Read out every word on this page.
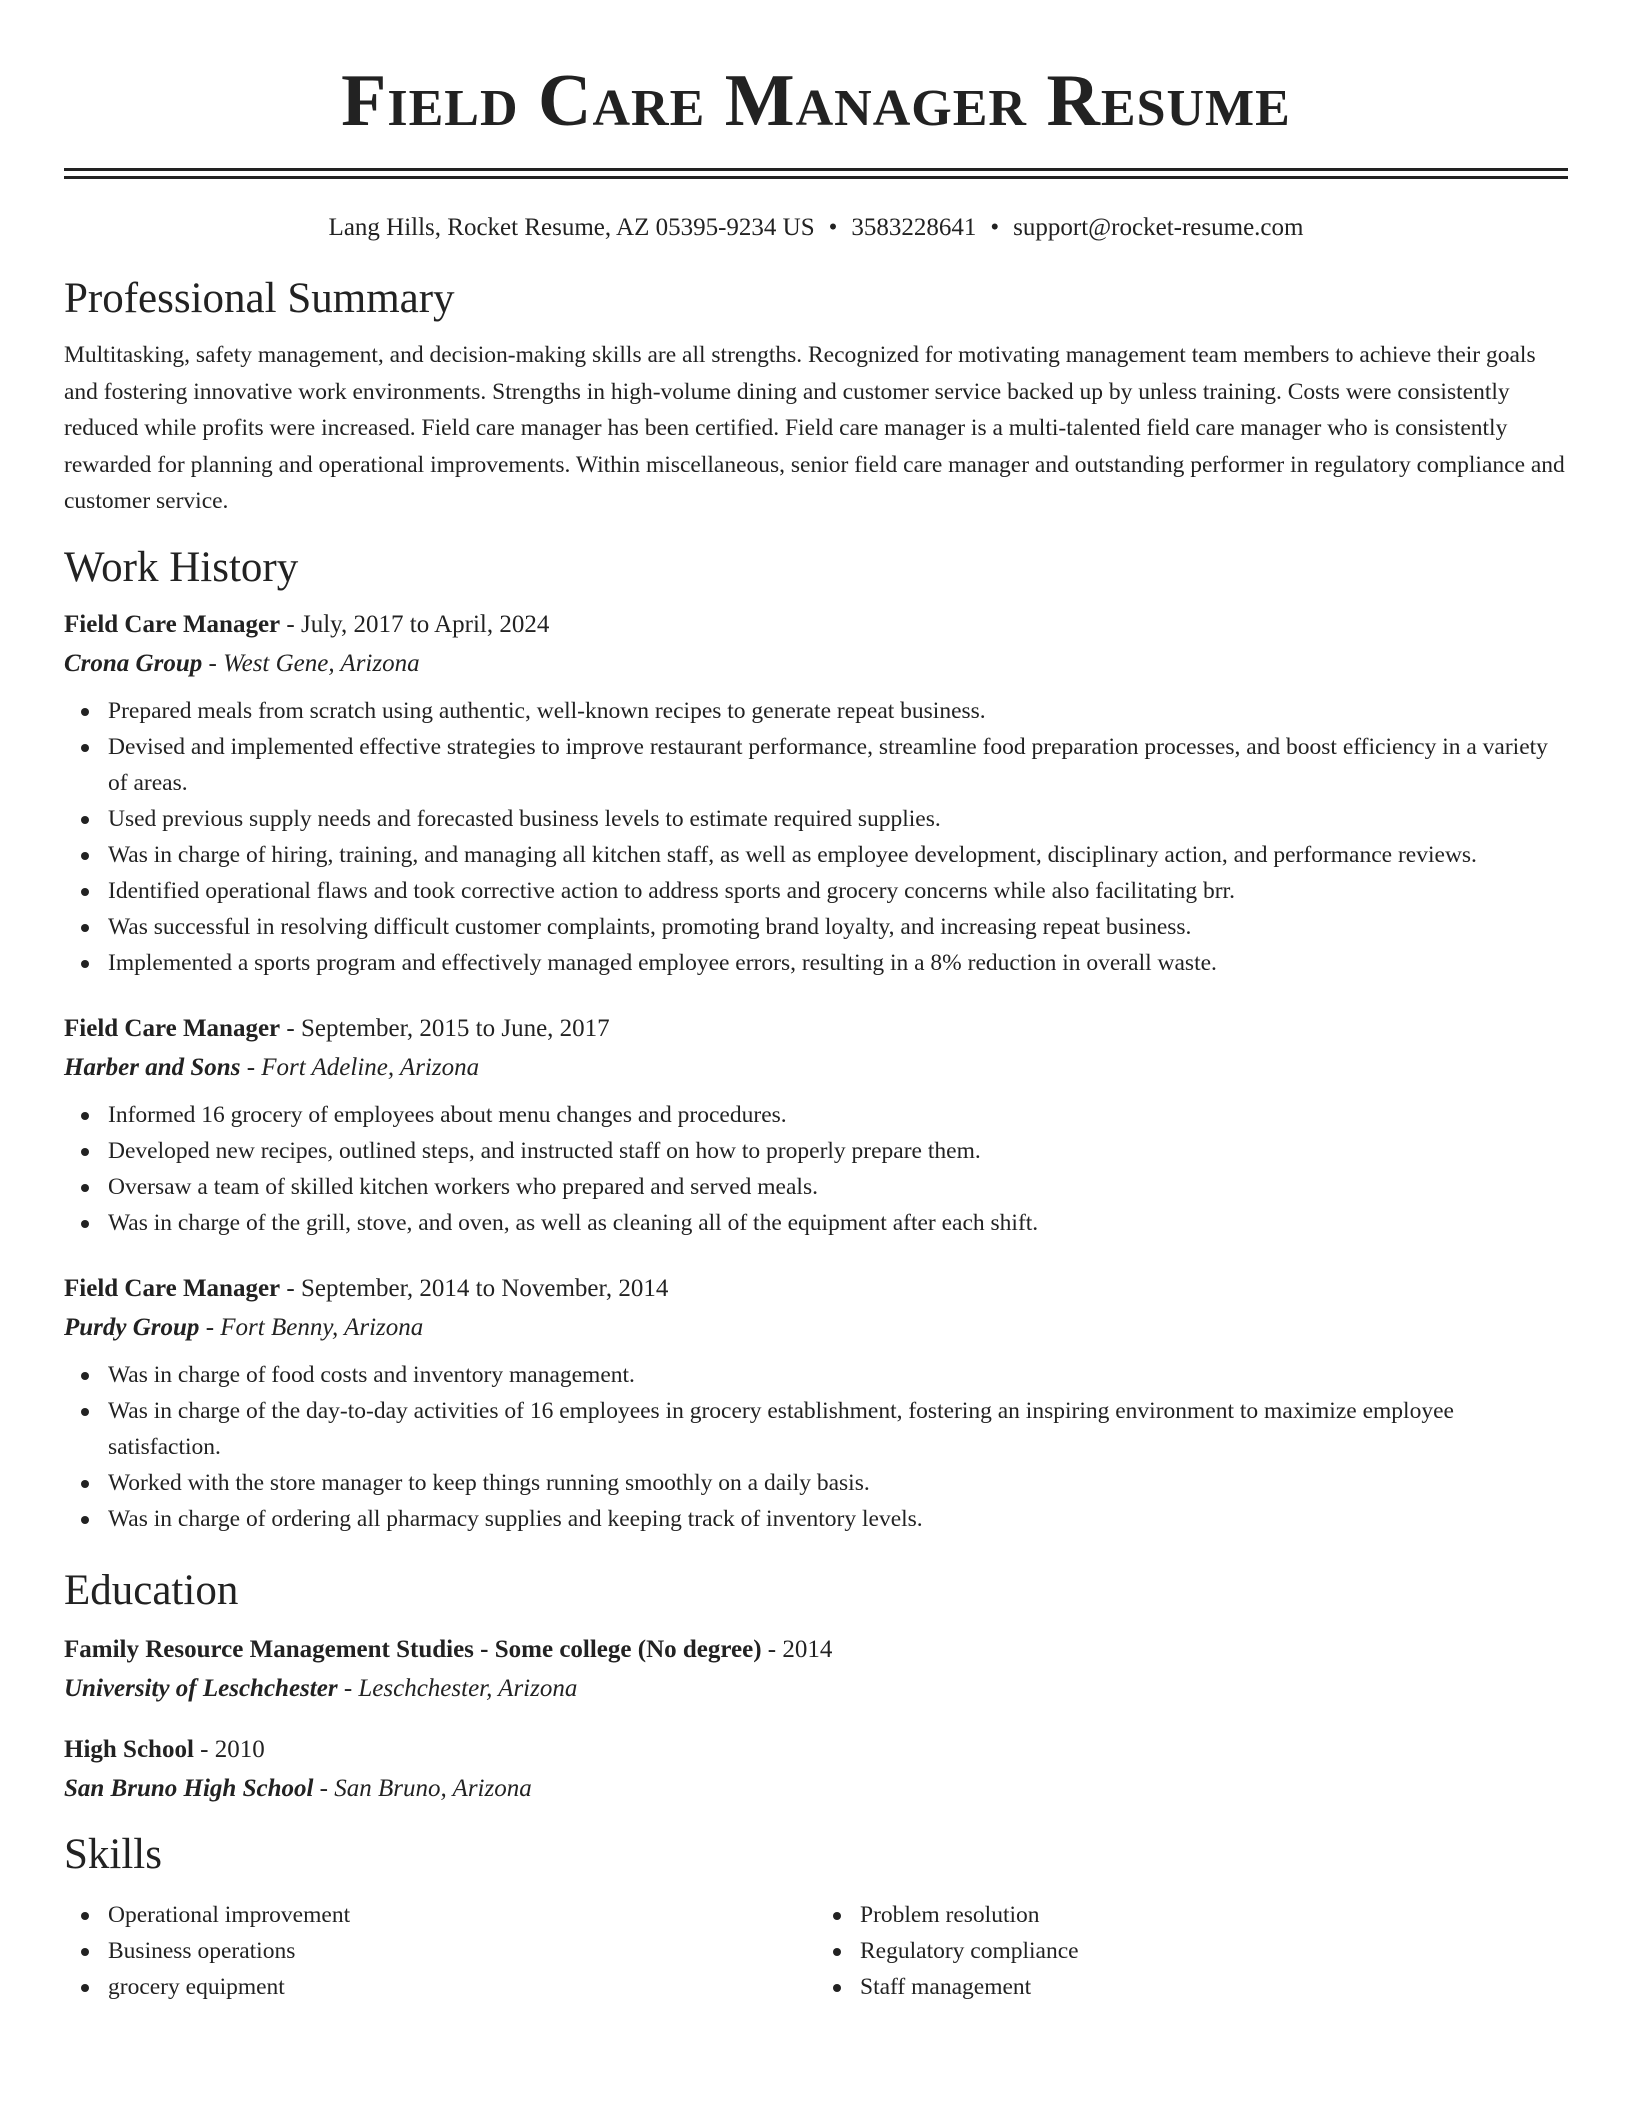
Field Care Manager Resume
Lang Hills, Rocket Resume, AZ 05395-9234 US • 3583228641 • support@rocket-resume.com
Professional Summary

Multitasking, safety management, and decision-making skills are all strengths. Recognized for motivating management team members to achieve their goals and fostering innovative work environments. Strengths in high-volume dining and customer service backed up by unless training. Costs were consistently reduced while profits were increased. Field care manager has been certified. Field care manager is a multi-talented field care manager who is consistently rewarded for planning and operational improvements. Within miscellaneous, senior field care manager and outstanding performer in regulatory compliance and customer service.

Work History
Field Care Manager - July, 2017 to April, 2024
Crona Group - West Gene, Arizona
Prepared meals from scratch using authentic, well-known recipes to generate repeat business.
Devised and implemented effective strategies to improve restaurant performance, streamline food preparation processes, and boost efficiency in a variety of areas.
Used previous supply needs and forecasted business levels to estimate required supplies.
Was in charge of hiring, training, and managing all kitchen staff, as well as employee development, disciplinary action, and performance reviews.
Identified operational flaws and took corrective action to address sports and grocery concerns while also facilitating brr.
Was successful in resolving difficult customer complaints, promoting brand loyalty, and increasing repeat business.
Implemented a sports program and effectively managed employee errors, resulting in a 8% reduction in overall waste.
Field Care Manager - September, 2015 to June, 2017
Harber and Sons - Fort Adeline, Arizona
Informed 16 grocery of employees about menu changes and procedures.
Developed new recipes, outlined steps, and instructed staff on how to properly prepare them.
Oversaw a team of skilled kitchen workers who prepared and served meals.
Was in charge of the grill, stove, and oven, as well as cleaning all of the equipment after each shift.
Field Care Manager - September, 2014 to November, 2014
Purdy Group - Fort Benny, Arizona
Was in charge of food costs and inventory management.
Was in charge of the day-to-day activities of 16 employees in grocery establishment, fostering an inspiring environment to maximize employee satisfaction.
Worked with the store manager to keep things running smoothly on a daily basis.
Was in charge of ordering all pharmacy supplies and keeping track of inventory levels.
Education
Family Resource Management Studies - Some college (No degree) - 2014
University of Leschchester - Leschchester, Arizona
High School - 2010
San Bruno High School - San Bruno, Arizona
Skills
Operational improvement
Business operations
grocery equipment
Problem resolution
Regulatory compliance
Staff management
